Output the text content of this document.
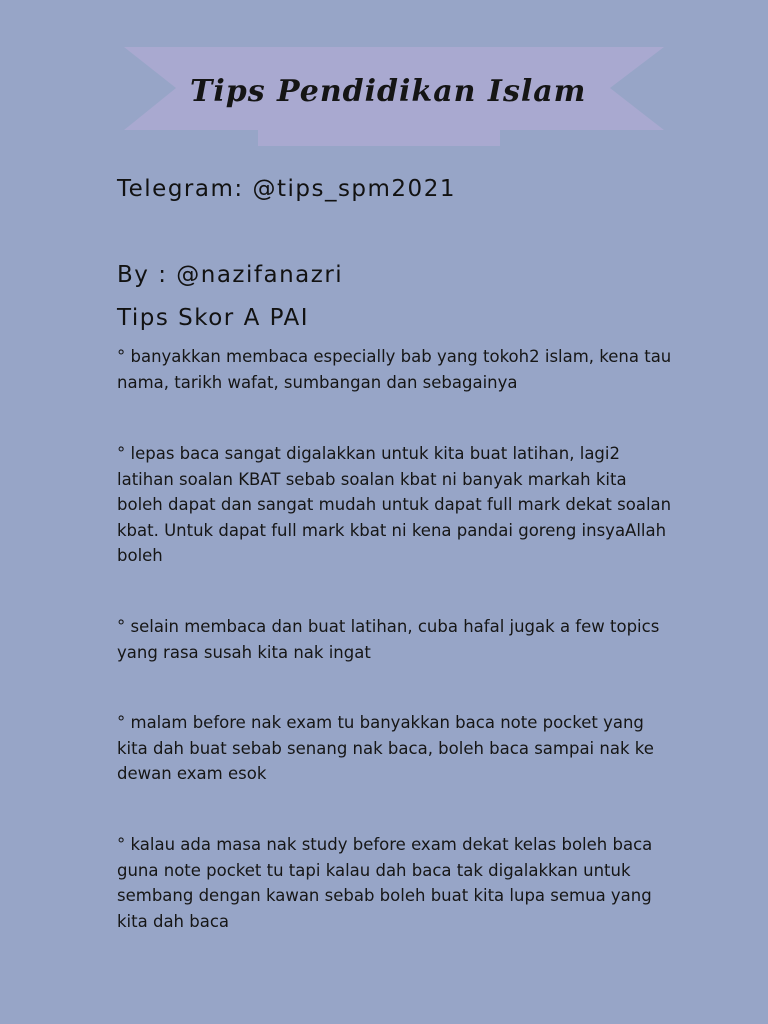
Tips Pendidikan Islam
Telegram: @tips_spm2021
By : @nazifanazri
Tips Skor A PAI
° banyakkan membaca especially bab yang tokoh2 islam, kena tau nama, tarikh wafat, sumbangan dan sebagainya
° lepas baca sangat digalakkan untuk kita buat latihan, lagi2 latihan soalan KBAT sebab soalan kbat ni banyak markah kita boleh dapat dan sangat mudah untuk dapat full mark dekat soalan kbat. Untuk dapat full mark kbat ni kena pandai goreng insyaAllah boleh
° selain membaca dan buat latihan, cuba hafal jugak a few topics yang rasa susah kita nak ingat
° malam before nak exam tu banyakkan baca note pocket yang kita dah buat sebab senang nak baca, boleh baca sampai nak ke dewan exam esok
° kalau ada masa nak study before exam dekat kelas boleh baca guna note pocket tu tapi kalau dah baca tak digalakkan untuk sembang dengan kawan sebab boleh buat kita lupa semua yang kita dah baca
